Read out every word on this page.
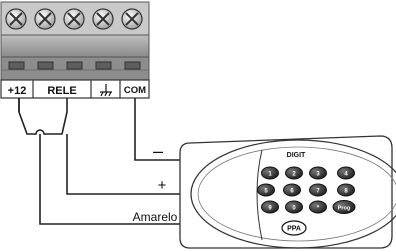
+12 RELE	COM
–
+
Amarelo
DIGIT
1	2	3	4
5	6	7	8
9	0	*	Prog
PPA
